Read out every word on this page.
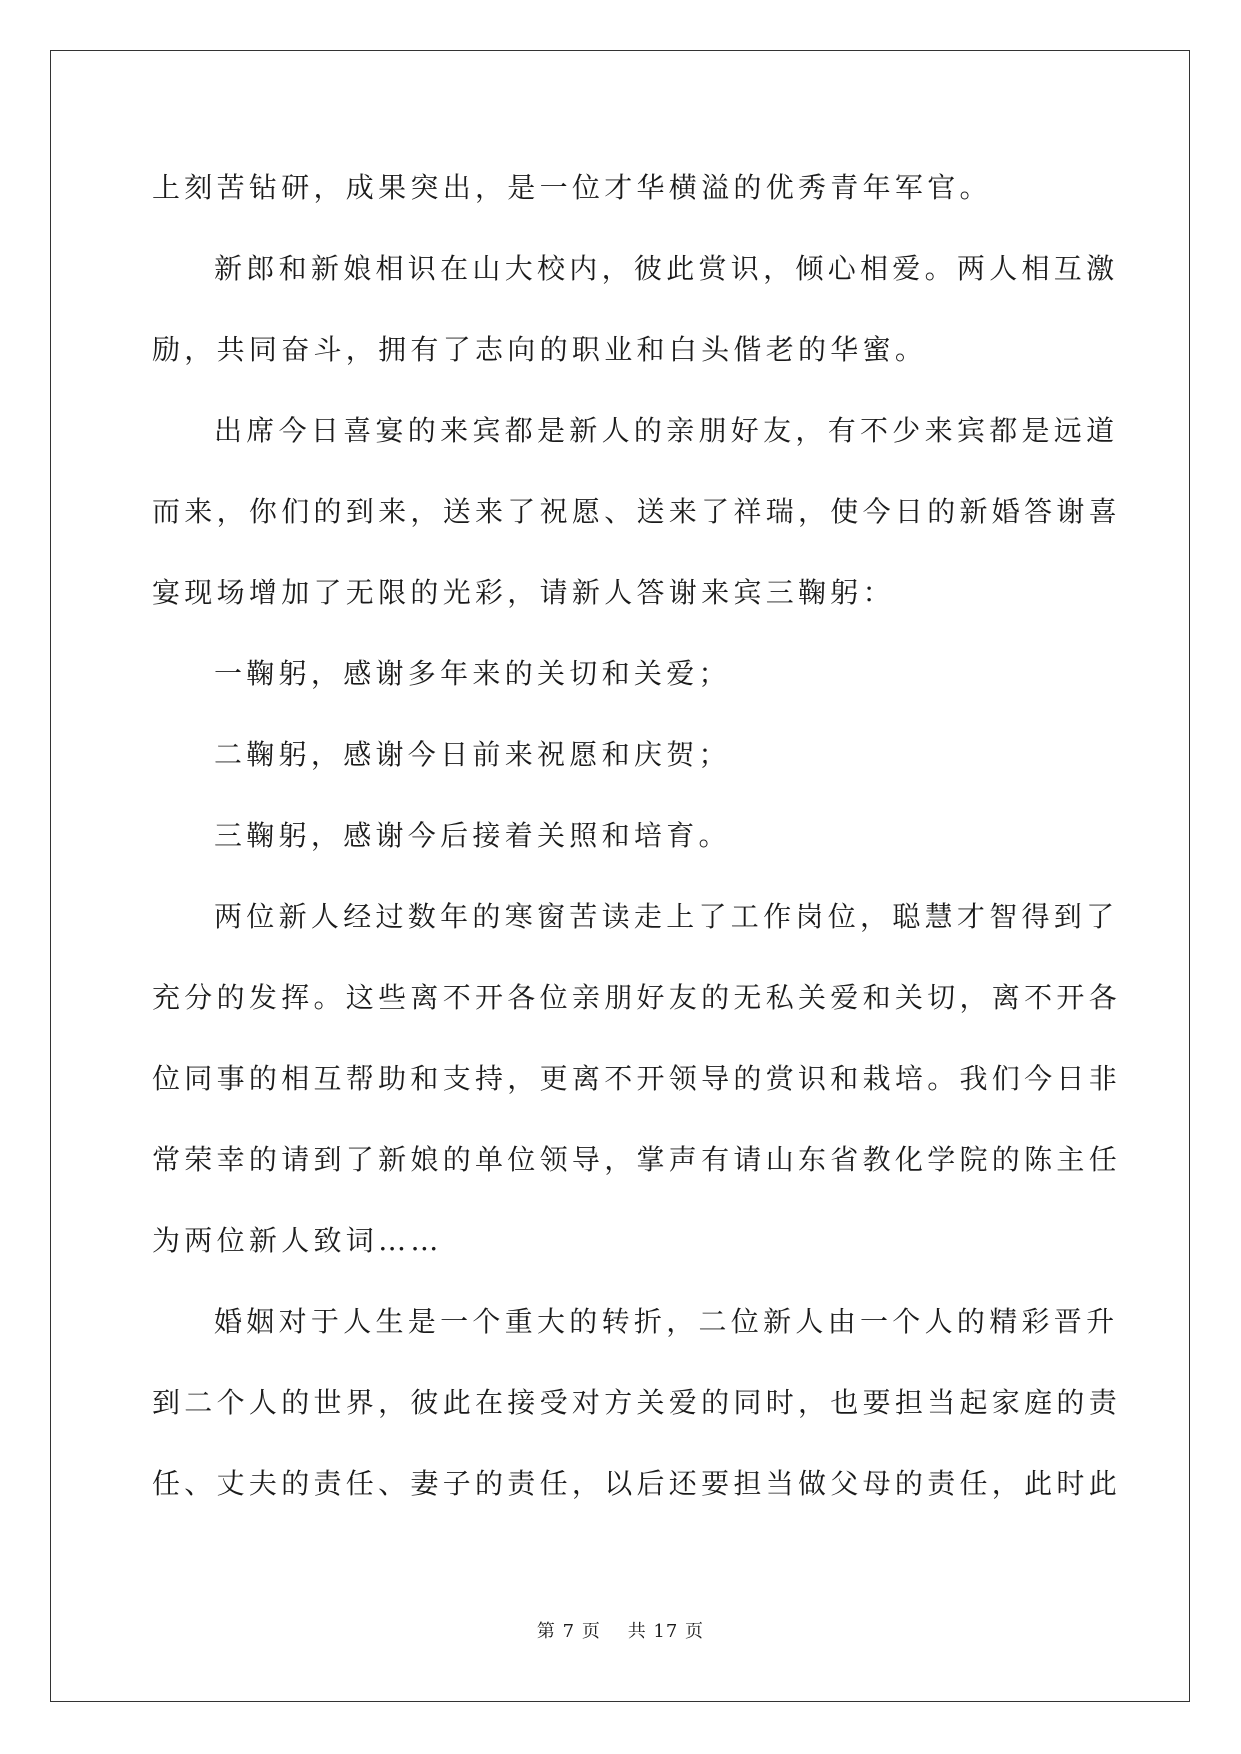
上刻苦钻研，成果突出，是一位才华横溢的优秀青年军官。
新郎和新娘相识在山大校内，彼此赏识，倾心相爱。两人相互激
励，共同奋斗，拥有了志向的职业和白头偕老的华蜜。
出席今日喜宴的来宾都是新人的亲朋好友，有不少来宾都是远道
而来，你们的到来，送来了祝愿、送来了祥瑞，使今日的新婚答谢喜
宴现场增加了无限的光彩，请新人答谢来宾三鞠躬：
一鞠躬，感谢多年来的关切和关爱；
二鞠躬，感谢今日前来祝愿和庆贺；
三鞠躬，感谢今后接着关照和培育。
两位新人经过数年的寒窗苦读走上了工作岗位，聪慧才智得到了
充分的发挥。这些离不开各位亲朋好友的无私关爱和关切，离不开各
位同事的相互帮助和支持，更离不开领导的赏识和栽培。我们今日非
常荣幸的请到了新娘的单位领导，掌声有请山东省教化学院的陈主任
为两位新人致词……
婚姻对于人生是一个重大的转折，二位新人由一个人的精彩晋升
到二个人的世界，彼此在接受对方关爱的同时，也要担当起家庭的责
任、丈夫的责任、妻子的责任，以后还要担当做父母的责任，此时此
第 7 页    共 17 页
